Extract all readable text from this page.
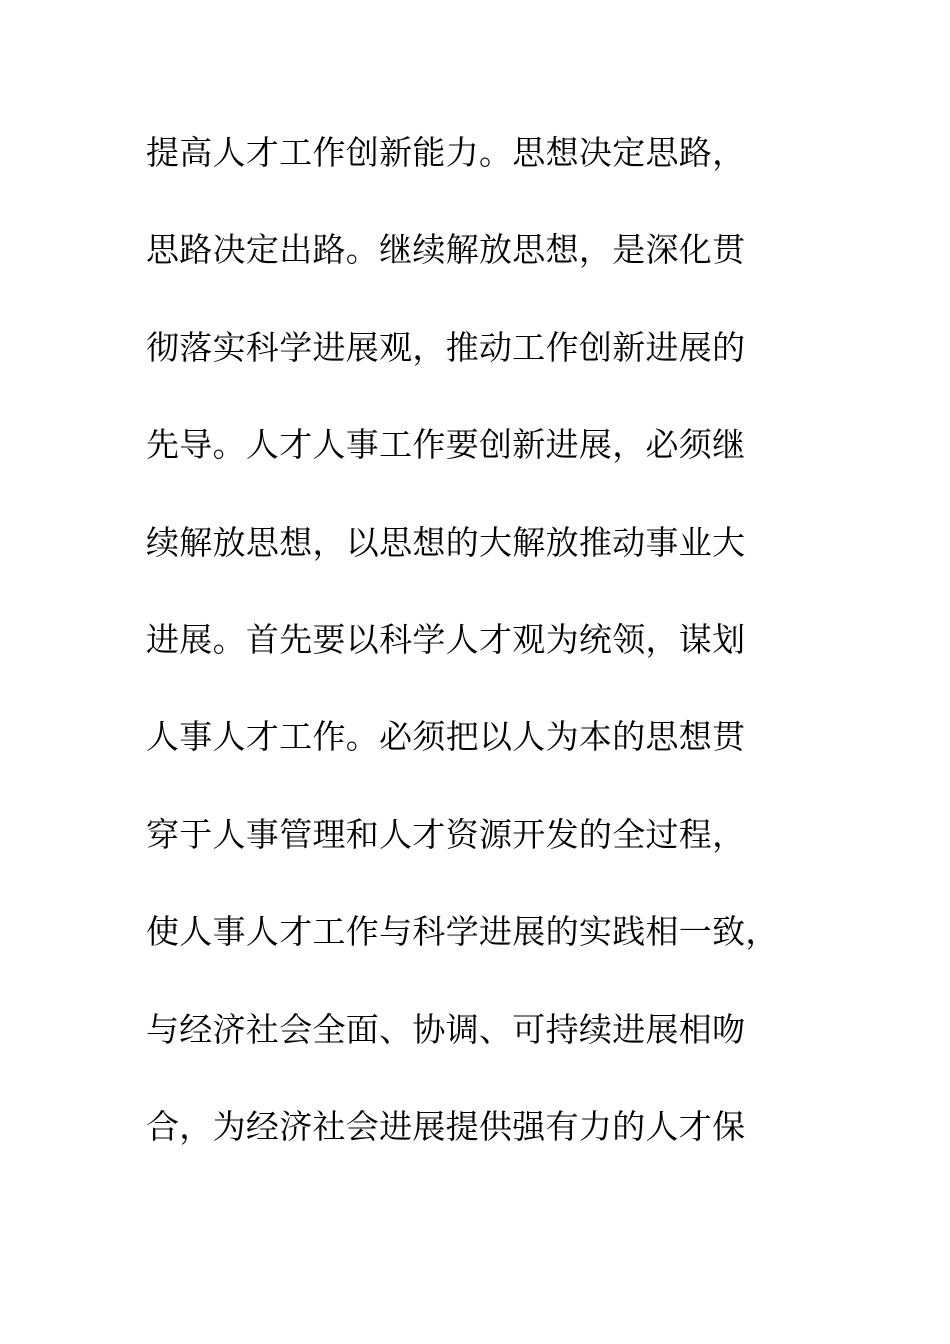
提高人才工作创新能力。思想决定思路，
思路决定出路。继续解放思想，是深化贯
彻落实科学进展观，推动工作创新进展的
先导。人才人事工作要创新进展，必须继
续解放思想，以思想的大解放推动事业大
进展。首先要以科学人才观为统领，谋划
人事人才工作。必须把以人为本的思想贯
穿于人事管理和人才资源开发的全过程，
使人事人才工作与科学进展的实践相一致，
与经济社会全面、协调、可持续进展相吻
合，为经济社会进展提供强有力的人才保
